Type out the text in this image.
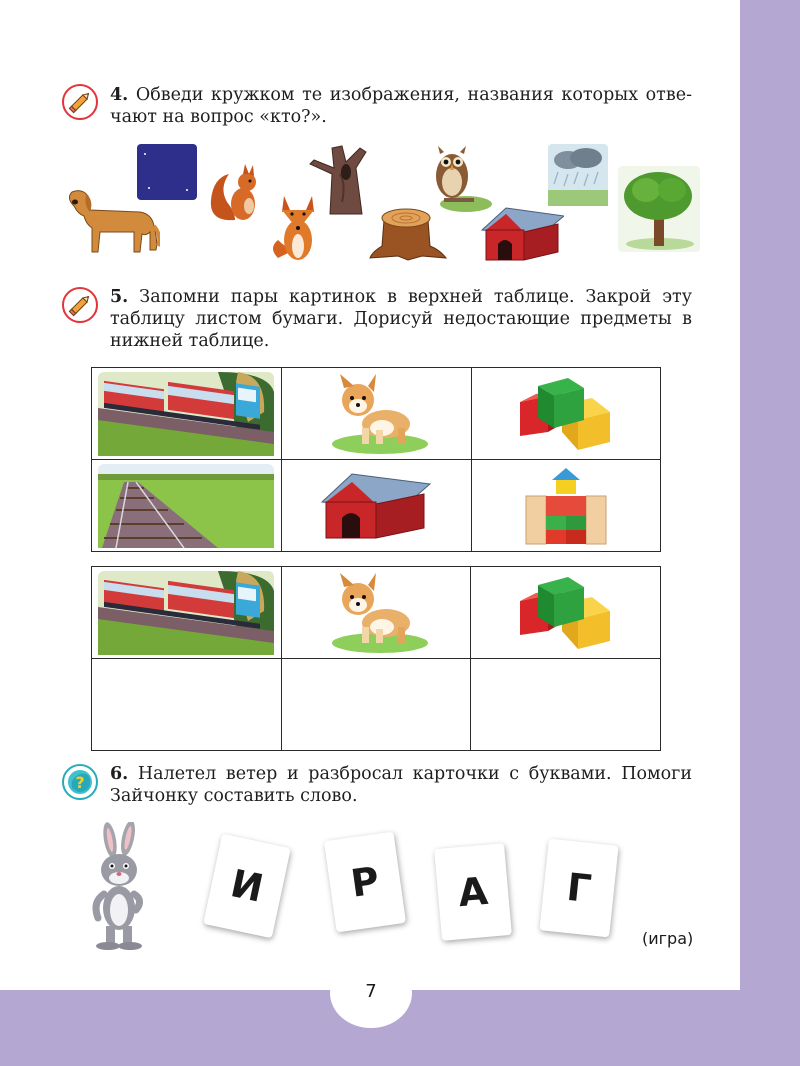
4. Обведи кружком те изображения, названия которых отве-чают на вопрос «кто?».
5. Запомни пары картинок в верхней таблице. Закрой эту таблицу листом бумаги. Дорисуй недостающие предметы в нижней таблице.

? 6. Налетел ветер и разбросал карточки с буквами. Помоги Зайчонку составить слово.
И	Р	А	Г
(игра)
7
